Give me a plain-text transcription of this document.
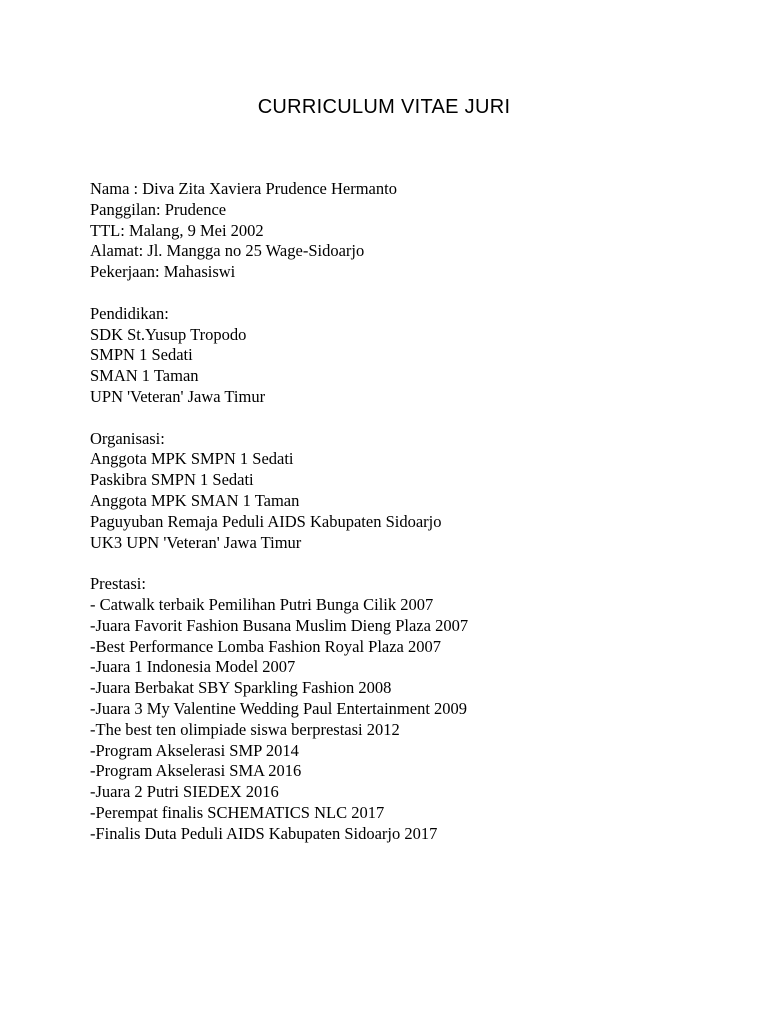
CURRICULUM VITAE JURI
Nama : Diva Zita Xaviera Prudence Hermanto
Panggilan: Prudence
TTL: Malang, 9 Mei 2002
Alamat: Jl. Mangga no 25 Wage-Sidoarjo
Pekerjaan: Mahasiswi
Pendidikan:
SDK St.Yusup Tropodo
SMPN 1 Sedati
SMAN 1 Taman
UPN 'Veteran' Jawa Timur
Organisasi:
Anggota MPK SMPN 1 Sedati
Paskibra SMPN 1 Sedati
Anggota MPK SMAN 1 Taman
Paguyuban Remaja Peduli AIDS Kabupaten Sidoarjo
UK3 UPN 'Veteran' Jawa Timur
Prestasi:
- Catwalk terbaik Pemilihan Putri Bunga Cilik 2007
-Juara Favorit Fashion Busana Muslim Dieng Plaza 2007
-Best Performance Lomba Fashion Royal Plaza 2007
-Juara 1 Indonesia Model 2007
-Juara Berbakat SBY Sparkling Fashion 2008
-Juara 3 My Valentine Wedding Paul Entertainment 2009
-The best ten olimpiade siswa berprestasi 2012
-Program Akselerasi SMP 2014
-Program Akselerasi SMA 2016
-Juara 2 Putri SIEDEX 2016
-Perempat finalis SCHEMATICS NLC 2017
-Finalis Duta Peduli AIDS Kabupaten Sidoarjo 2017
